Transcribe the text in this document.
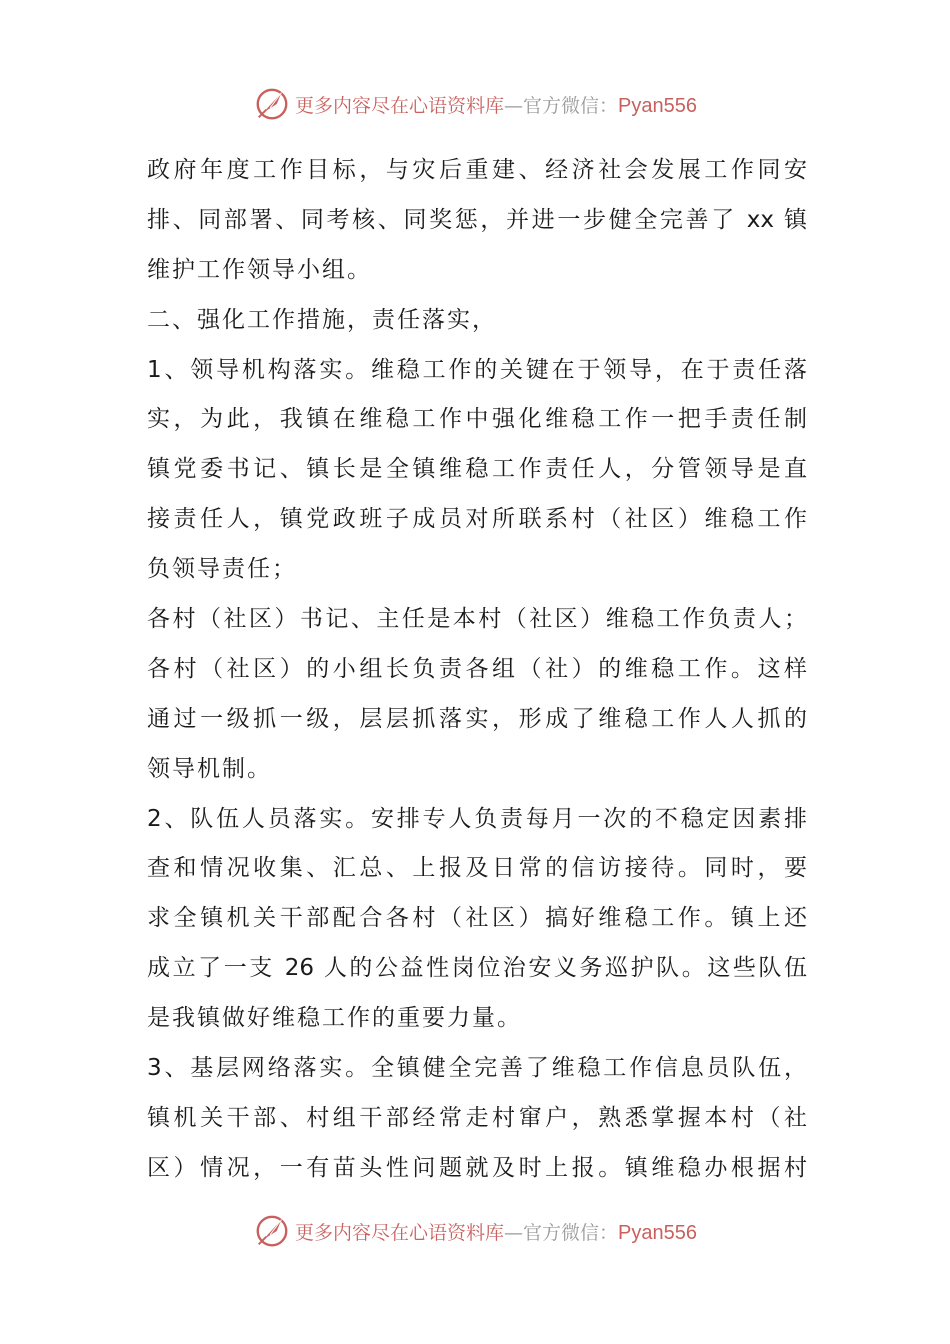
更多内容尽在心语资料库 — 官方微信： Pyan556
政府年度工作目标，与灾后重建、经济社会发展工作同安
排、同部署、同考核、同奖惩，并进一步健全完善了 xx 镇
维护工作领导小组。
二、强化工作措施，责任落实，
1、领导机构落实。维稳工作的关键在于领导，在于责任落
实，为此，我镇在维稳工作中强化维稳工作一把手责任制
镇党委书记、镇长是全镇维稳工作责任人，分管领导是直
接责任人，镇党政班子成员对所联系村（社区）维稳工作
负领导责任；
各村（社区）书记、主任是本村（社区）维稳工作负责人；
各村（社区）的小组长负责各组（社）的维稳工作。这样
通过一级抓一级，层层抓落实，形成了维稳工作人人抓的
领导机制。
2、队伍人员落实。安排专人负责每月一次的不稳定因素排
查和情况收集、汇总、上报及日常的信访接待。同时，要
求全镇机关干部配合各村（社区）搞好维稳工作。镇上还
成立了一支 26 人的公益性岗位治安义务巡护队。这些队伍
是我镇做好维稳工作的重要力量。
3、基层网络落实。全镇健全完善了维稳工作信息员队伍，
镇机关干部、村组干部经常走村窜户，熟悉掌握本村（社
区）情况，一有苗头性问题就及时上报。镇维稳办根据村
更多内容尽在心语资料库 — 官方微信： Pyan556
